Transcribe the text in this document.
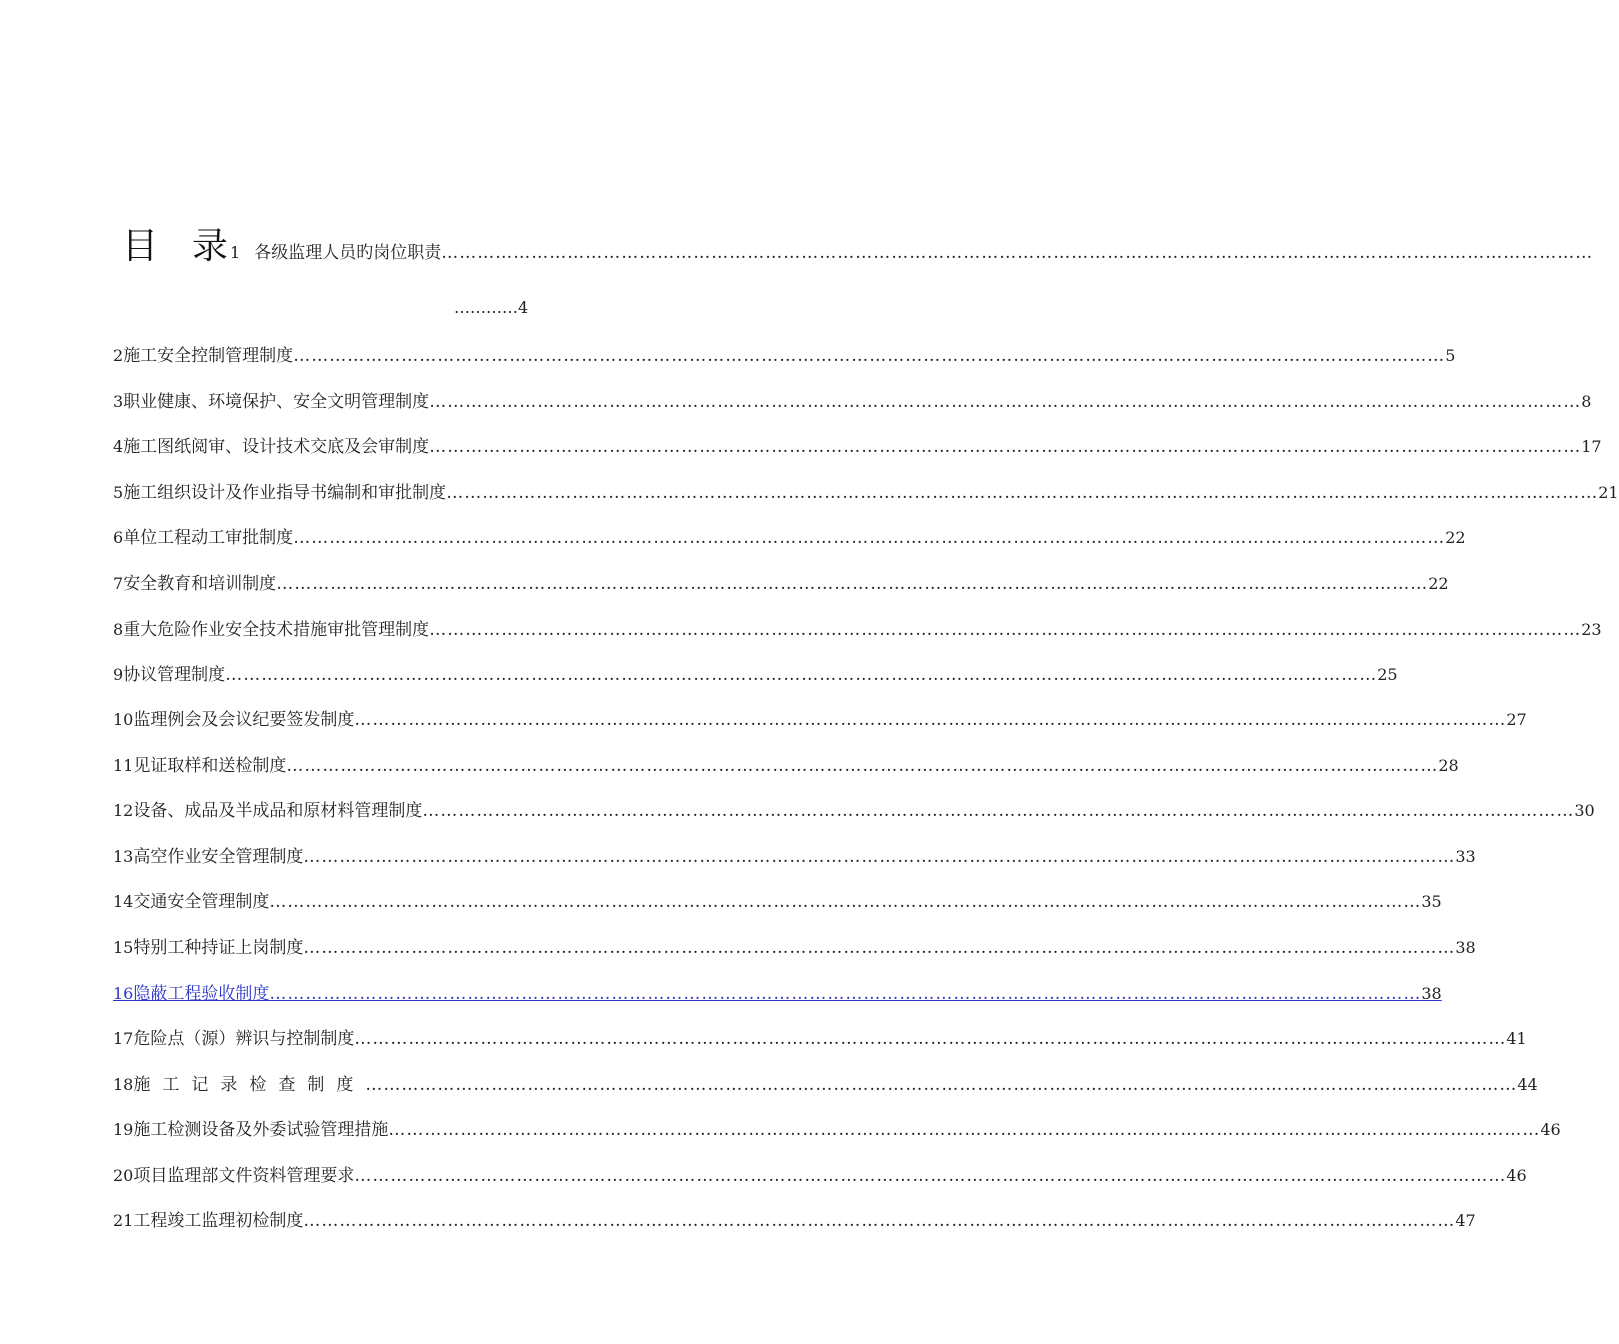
目 录 1 各级监理人员旳岗位职责 …………………………………………………………………………………………………………………………………………………………………………
…………4
2 施工安全控制管理制度 ………………………………………………………………………………………………………………………………………………………………………… 5
3 职业健康、环境保护、安全文明管理制度 ………………………………………………………………………………………………………………………………………………………………………… 8
4 施工图纸阅审、设计技术交底及会审制度 ………………………………………………………………………………………………………………………………………………………………………… 17
5 施工组织设计及作业指导书编制和审批制度 ………………………………………………………………………………………………………………………………………………………………………… 21
6 单位工程动工审批制度 ………………………………………………………………………………………………………………………………………………………………………… 22
7 安全教育和培训制度 ………………………………………………………………………………………………………………………………………………………………………… 22
8 重大危险作业安全技术措施审批管理制度 ………………………………………………………………………………………………………………………………………………………………………… 23
9 协议管理制度 ………………………………………………………………………………………………………………………………………………………………………… 25
10 监理例会及会议纪要签发制度 ………………………………………………………………………………………………………………………………………………………………………… 27
11 见证取样和送检制度 ………………………………………………………………………………………………………………………………………………………………………… 28
12 设备、成品及半成品和原材料管理制度 ………………………………………………………………………………………………………………………………………………………………………… 30
13 高空作业安全管理制度 ………………………………………………………………………………………………………………………………………………………………………… 33
14 交通安全管理制度 ………………………………………………………………………………………………………………………………………………………………………… 35
15 特别工种持证上岗制度 ………………………………………………………………………………………………………………………………………………………………………… 38
16 隐蔽工程验收制度 ………………………………………………………………………………………………………………………………………………………………………… 38
17 危险点（源）辨识与控制制度 ………………………………………………………………………………………………………………………………………………………………………… 41
18 施工记录检查制度 ………………………………………………………………………………………………………………………………………………………………………… 44
19 施工检测设备及外委试验管理措施 ………………………………………………………………………………………………………………………………………………………………………… 46
20 项目监理部文件资料管理要求 ………………………………………………………………………………………………………………………………………………………………………… 46
21 工程竣工监理初检制度 ………………………………………………………………………………………………………………………………………………………………………… 47
